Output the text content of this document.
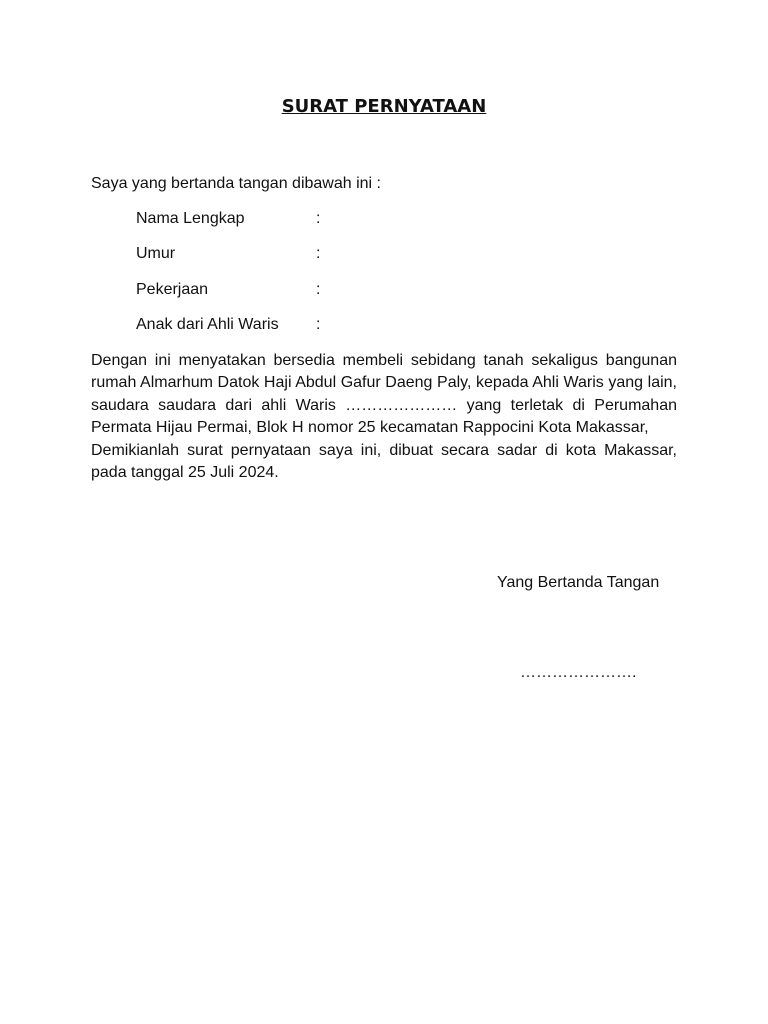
SURAT PERNYATAAN
Saya yang bertanda tangan dibawah ini :
Nama Lengkap	:
Umur	:
Pekerjaan	:
Anak dari Ahli Waris :

Dengan ini menyatakan bersedia membeli sebidang tanah sekaligus bangunan rumah Almarhum Datok Haji Abdul Gafur Daeng Paly, kepada Ahli Waris yang lain, saudara saudara dari ahli Waris ………………… yang terletak di Perumahan Permata Hijau Permai, Blok H nomor 25 kecamatan Rappocini Kota Makassar,

Demikianlah surat pernyataan saya ini, dibuat secara sadar di kota Makassar, pada tanggal 25 Juli 2024.

Yang Bertanda Tangan
………………….
